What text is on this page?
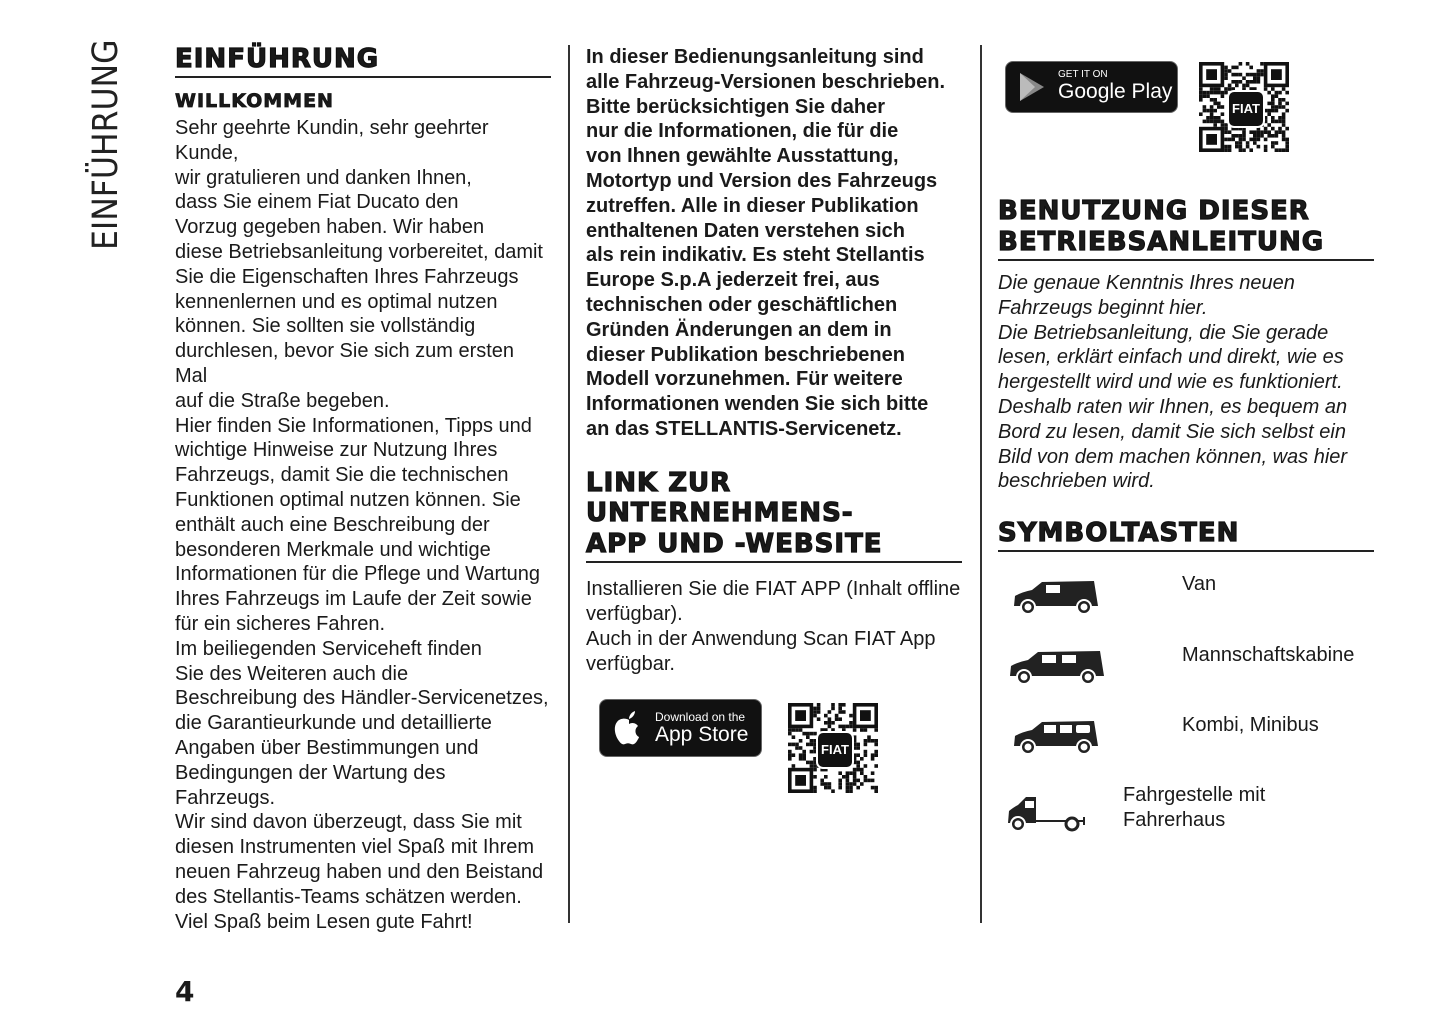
EINFÜHRUNG EINFÜHRUNG
WILLKOMMEN
Sehr geehrte Kundin, sehr geehrter
Kunde,
wir gratulieren und danken Ihnen,
dass Sie einem Fiat Ducato den
Vorzug gegeben haben. Wir haben
diese Betriebsanleitung vorbereitet, damit
Sie die Eigenschaften Ihres Fahrzeugs
kennenlernen und es optimal nutzen
können. Sie sollten sie vollständig
durchlesen, bevor Sie sich zum ersten Mal
auf die Straße begeben.
Hier finden Sie Informationen, Tipps und
wichtige Hinweise zur Nutzung Ihres
Fahrzeugs, damit Sie die technischen
Funktionen optimal nutzen können. Sie
enthält auch eine Beschreibung der
besonderen Merkmale und wichtige
Informationen für die Pflege und Wartung
Ihres Fahrzeugs im Laufe der Zeit sowie
für ein sicheres Fahren.
Im beiliegenden Serviceheft finden
Sie des Weiteren auch die
Beschreibung des Händler-Servicenetzes,
die Garantieurkunde und detaillierte
Angaben über Bestimmungen und
Bedingungen der Wartung des Fahrzeugs.
Wir sind davon überzeugt, dass Sie mit
diesen Instrumenten viel Spaß mit Ihrem
neuen Fahrzeug haben und den Beistand
des Stellantis-Teams schätzen werden.
Viel Spaß beim Lesen gute Fahrt!
In dieser Bedienungsanleitung sind
alle Fahrzeug-Versionen beschrieben.
Bitte berücksichtigen Sie daher
nur die Informationen, die für die
von Ihnen gewählte Ausstattung,
Motortyp und Version des Fahrzeugs
zutreffen. Alle in dieser Publikation
enthaltenen Daten verstehen sich
als rein indikativ. Es steht Stellantis
Europe S.p.A jederzeit frei, aus
technischen oder geschäftlichen
Gründen Änderungen an dem in
dieser Publikation beschriebenen
Modell vorzunehmen. Für weitere
Informationen wenden Sie sich bitte
an das STELLANTIS-Servicenetz.
LINK ZUR
UNTERNEHMENS-
APP UND -WEBSITE
Installieren Sie die FIAT APP (Inhalt offline
verfügbar).
Auch in der Anwendung Scan FIAT App
verfügbar.
Download on the
App Store
FIAT
GET IT ON
Google Play
FIAT
BENUTZUNG DIESER
BETRIEBSANLEITUNG
Die genaue Kenntnis Ihres neuen
Fahrzeugs beginnt hier.
Die Betriebsanleitung, die Sie gerade
lesen, erklärt einfach und direkt, wie es
hergestellt wird und wie es funktioniert.
Deshalb raten wir Ihnen, es bequem an
Bord zu lesen, damit Sie sich selbst ein
Bild von dem machen können, was hier
beschrieben wird.
SYMBOLTASTEN
Van
Mannschaftskabine
Kombi, Minibus
Fahrgestelle mit
Fahrerhaus
4
